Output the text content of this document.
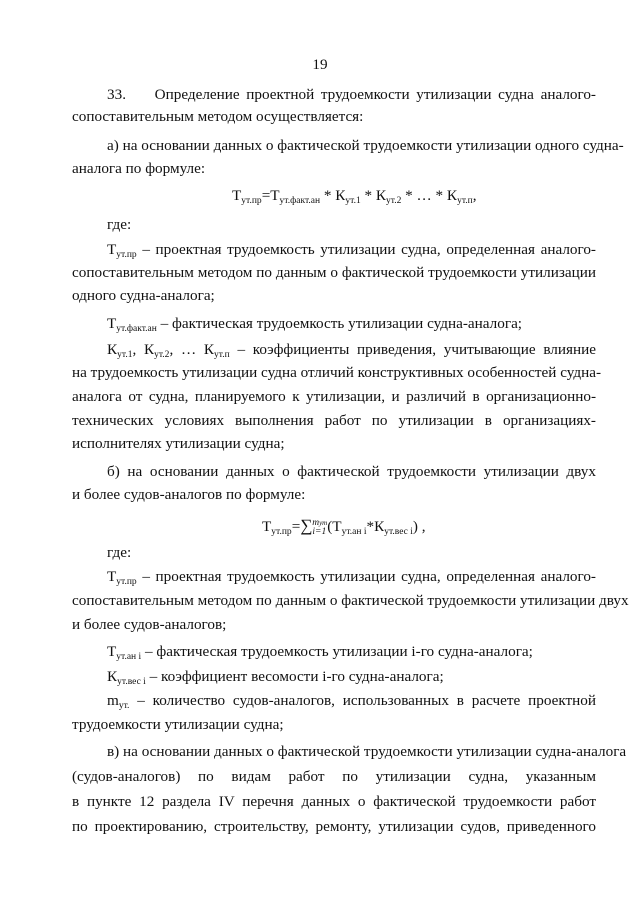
19
33. Определение проектной трудоемкости утилизации судна аналого-
сопоставительным методом осуществляется:
а) на основании данных о фактической трудоемкости утилизации одного судна-
аналога по формуле:
$Т_{ут.пр}=Т_{ут.факт.ан} * К_{ут.1} * К_{ут.2}$ * … * $К_{ут.п}$,
где:
$Т_{ут.пр}$ – проектная трудоемкость утилизации судна, определенная аналого-
сопоставительным методом по данным о фактической трудоемкости утилизации
одного судна-аналога;
$Т_{ут.факт.ан}$ – фактическая трудоемкость утилизации судна-аналога;
$К_{ут.1}$, $К_{ут.2}$, … $К_{ут.п}$ – коэффициенты приведения, учитывающие влияние
на трудоемкость утилизации судна отличий конструктивных особенностей судна-
аналога от судна, планируемого к утилизации, и различий в организационно-
технических условиях выполнения работ по утилизации в организациях-
исполнителях утилизации судна;
б) на основании данных о фактической трудоемкости утилизации двух
и более судов-аналогов по формуле:
$Т_{ут.пр}=\sum_{i=1}^{mут}(Т_{ут.ан i}*К_{ут.вес i})$ ,
где:
$Т_{ут.пр}$ – проектная трудоемкость утилизации судна, определенная аналого-
сопоставительным методом по данным о фактической трудоемкости утилизации двух
и более судов-аналогов;
$Т_{ут.ан i}$ – фактическая трудоемкость утилизации i-го судна-аналога;
$К_{ут.вес i}$ – коэффициент весомости i-го судна-аналога;
$m_{ут.}$ – количество судов-аналогов, использованных в расчете проектной
трудоемкости утилизации судна;
в) на основании данных о фактической трудоемкости утилизации судна-аналога
(судов-аналогов) по видам работ по утилизации судна, указанным
в пункте 12 раздела IV перечня данных о фактической трудоемкости работ
по проектированию, строительству, ремонту, утилизации судов, приведенного
